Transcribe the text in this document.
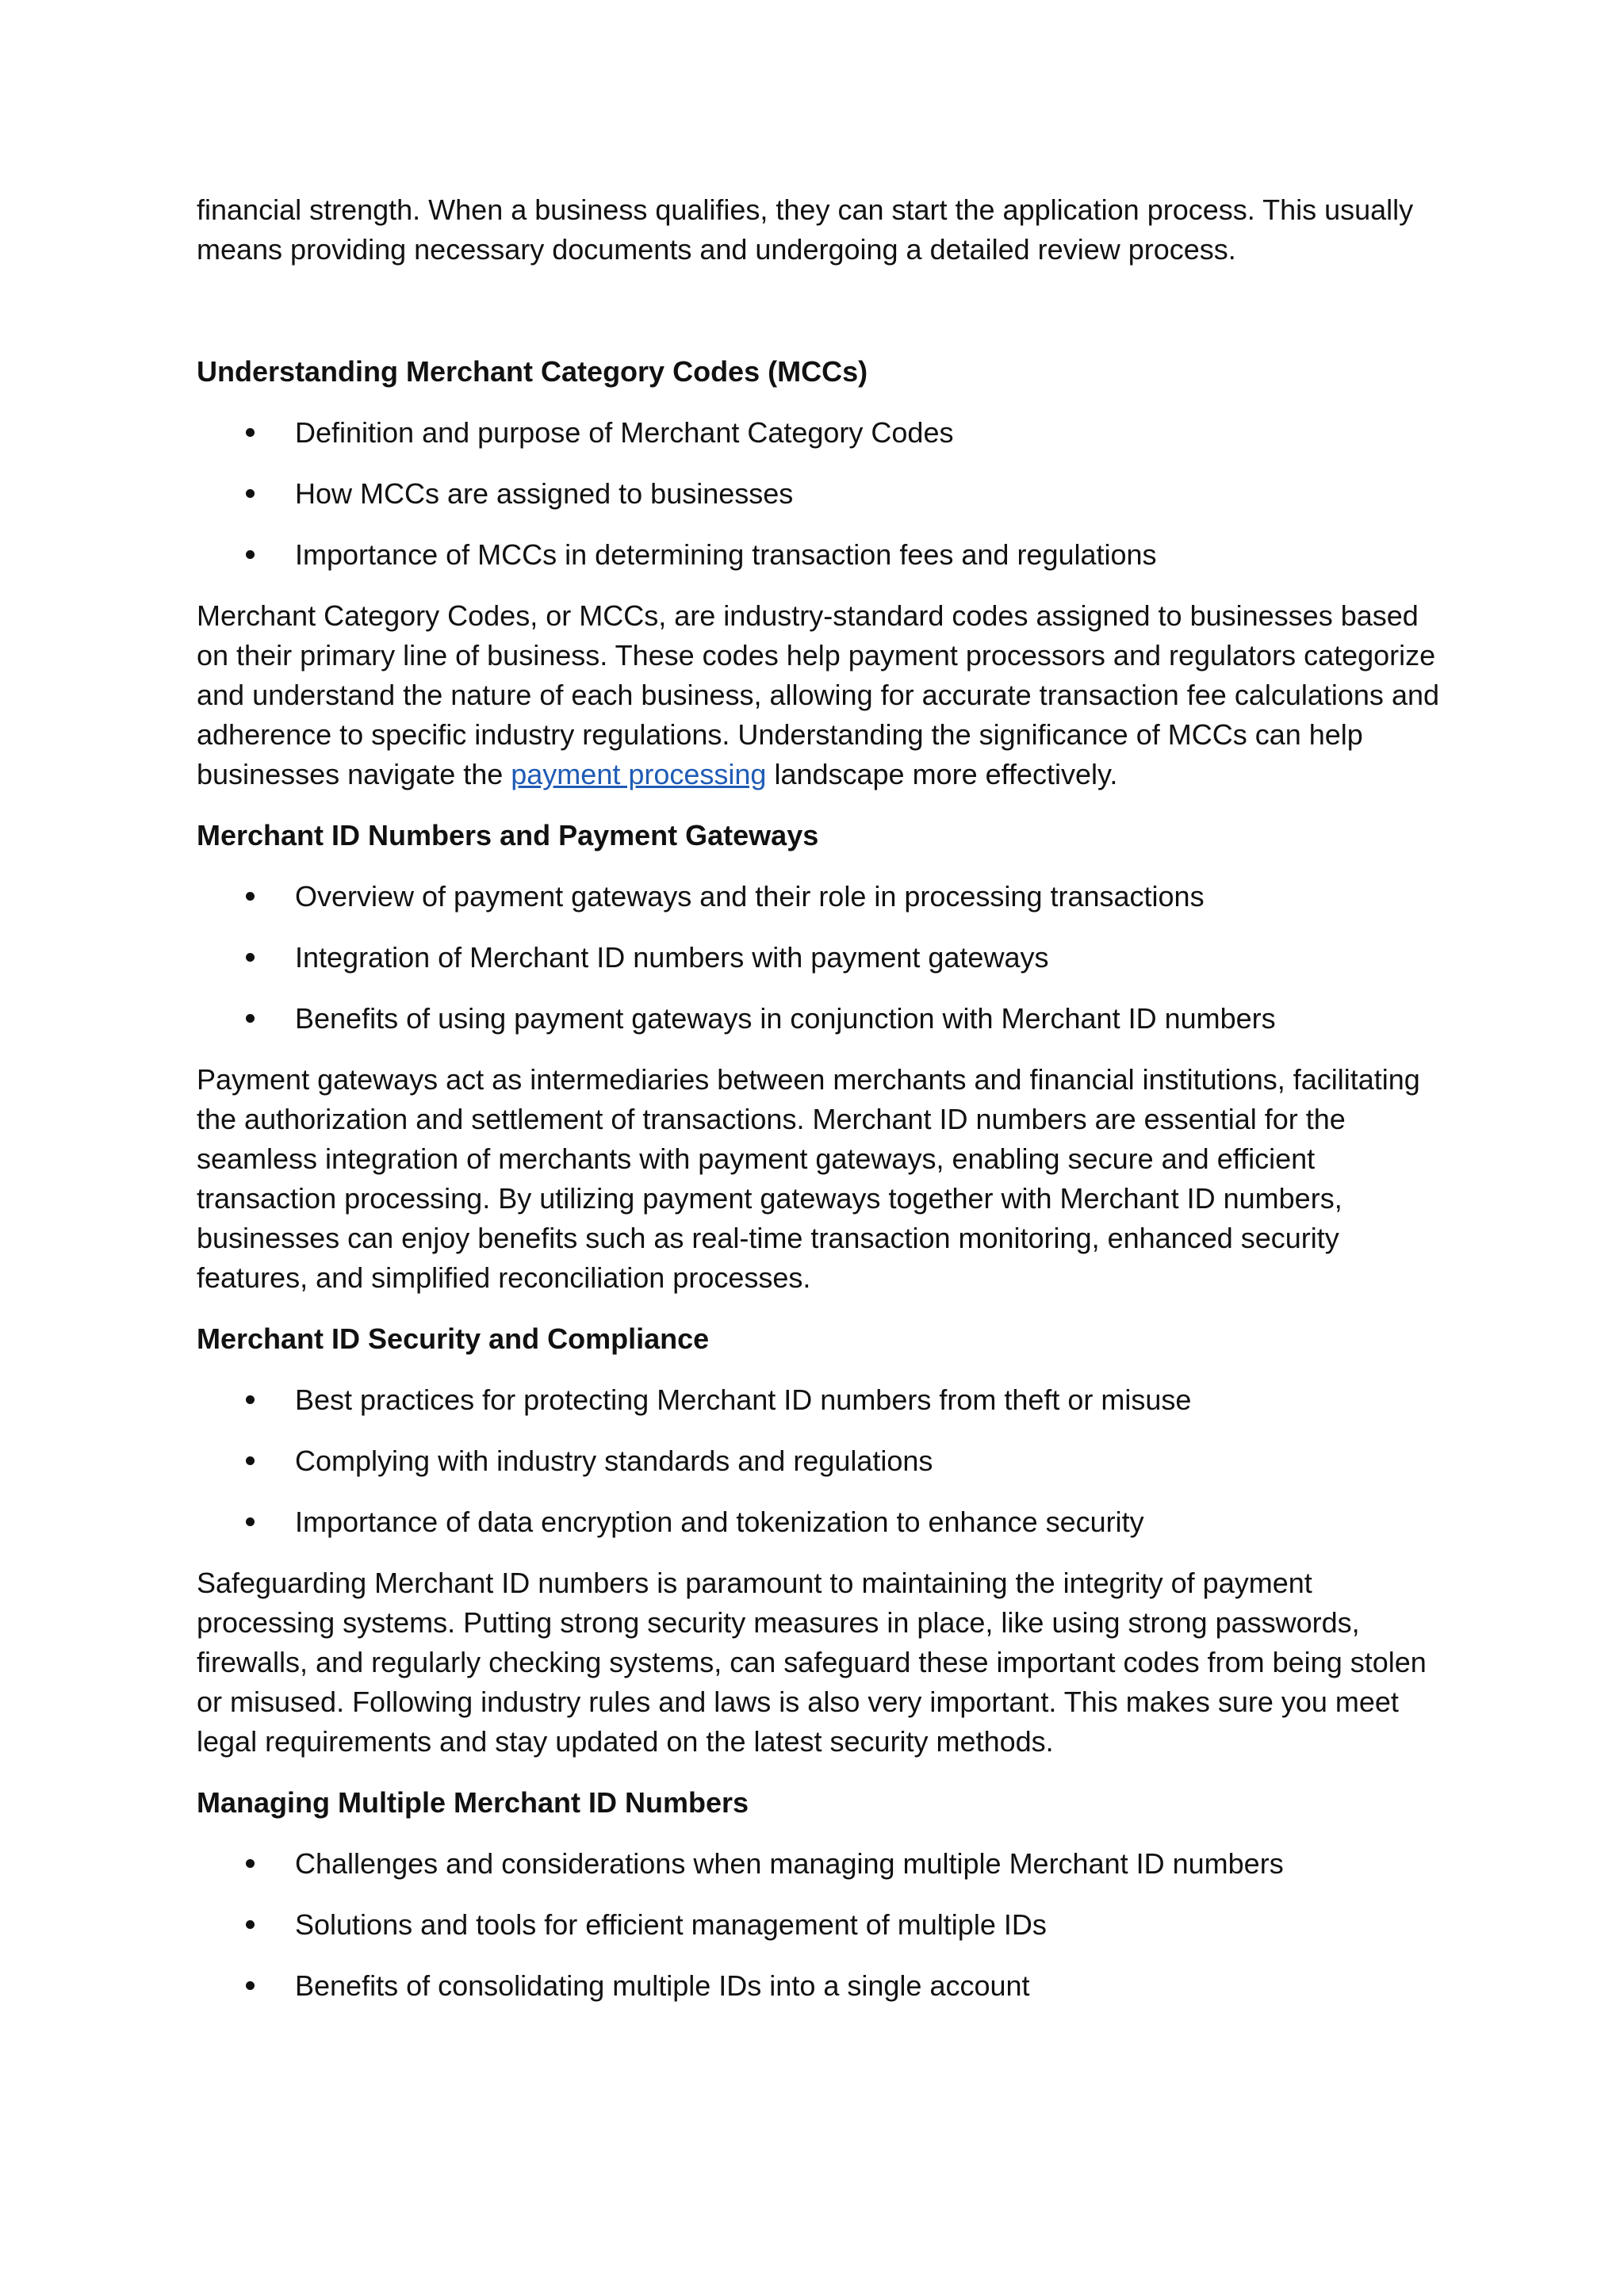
financial strength. When a business qualifies, they can start the application process. This usually means providing necessary documents and undergoing a detailed review process.

Understanding Merchant Category Codes (MCCs)

Definition and purpose of Merchant Category Codes
How MCCs are assigned to businesses
Importance of MCCs in determining transaction fees and regulations

Merchant Category Codes, or MCCs, are industry-standard codes assigned to businesses based on their primary line of business. These codes help payment processors and regulators categorize and understand the nature of each business, allowing for accurate transaction fee calculations and adherence to specific industry regulations. Understanding the significance of MCCs can help businesses navigate the payment processing landscape more effectively.

Merchant ID Numbers and Payment Gateways

Overview of payment gateways and their role in processing transactions
Integration of Merchant ID numbers with payment gateways
Benefits of using payment gateways in conjunction with Merchant ID numbers

Payment gateways act as intermediaries between merchants and financial institutions, facilitating the authorization and settlement of transactions. Merchant ID numbers are essential for the seamless integration of merchants with payment gateways, enabling secure and efficient transaction processing. By utilizing payment gateways together with Merchant ID numbers, businesses can enjoy benefits such as real-time transaction monitoring, enhanced security features, and simplified reconciliation processes.

Merchant ID Security and Compliance

Best practices for protecting Merchant ID numbers from theft or misuse
Complying with industry standards and regulations
Importance of data encryption and tokenization to enhance security

Safeguarding Merchant ID numbers is paramount to maintaining the integrity of payment processing systems. Putting strong security measures in place, like using strong passwords, firewalls, and regularly checking systems, can safeguard these important codes from being stolen or misused. Following industry rules and laws is also very important. This makes sure you meet legal requirements and stay updated on the latest security methods.

Managing Multiple Merchant ID Numbers

Challenges and considerations when managing multiple Merchant ID numbers
Solutions and tools for efficient management of multiple IDs
Benefits of consolidating multiple IDs into a single account
